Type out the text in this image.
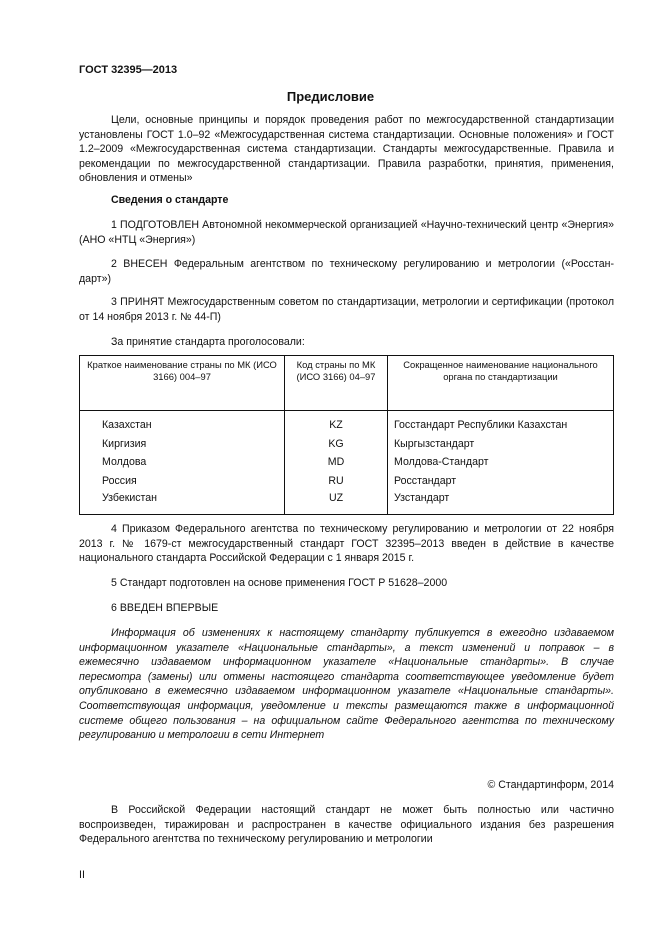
ГОСТ 32395—2013
Предисловие
Цели, основные принципы и порядок проведения работ по межгосударственной стандартизации установлены ГОСТ 1.0–92 «Межгосударственная система стандартизации. Основные положения» и ГОСТ 1.2–2009 «Межгосударственная система стандартизации. Стандарты межгосударственные. Правила и рекомендации по межгосударственной стандартизации. Правила разработки, принятия, применения, обновления и отмены»
Сведения о стандарте
1 ПОДГОТОВЛЕН Автономной некоммерческой организацией «Научно-технический центр «Энергия» (АНО «НТЦ «Энергия»)
2 ВНЕСЕН Федеральным агентством по техническому регулированию и метрологии («Росстан-дарт»)
3 ПРИНЯТ Межгосударственным советом по стандартизации, метрологии и сертификации (протокол от 14 ноября 2013 г. № 44-П)
За принятие стандарта проголосовали:
Краткое наименование страны по МК (ИСО 3166) 004–97	Код страны по МК (ИСО 3166) 04–97	Сокращенное наименование национального органа по стандартизации

Казахстан	KZ	Госстандарт Республики Казахстан
Киргизия	KG	Кыргызстандарт
Молдова	MD	Молдова-Стандарт
Россия	RU	Росстандарт
Узбекистан	UZ	Узстандарт
4 Приказом Федерального агентства по техническому регулированию и метрологии от 22 ноября 2013 г. № 1679-ст межгосударственный стандарт ГОСТ 32395–2013 введен в действие в качестве национального стандарта Российской Федерации с 1 января 2015 г.
5 Стандарт подготовлен на основе применения ГОСТ Р 51628–2000
6 ВВЕДЕН ВПЕРВЫЕ
Информация об изменениях к настоящему стандарту публикуется в ежегодно издаваемом информационном указателе «Национальные стандарты», а текст изменений и поправок – в ежемесячно издаваемом информационном указателе «Национальные стандарты». В случае пересмотра (замены) или отмены настоящего стандарта соответствующее уведомление будет опубликовано в ежемесячно издаваемом информационном указателе «Национальные стандарты». Соответствующая информация, уведомление и тексты размещаются также в информационной системе общего пользования – на официальном сайте Федерального агентства по техническому регулированию и метрологии в сети Интернет
© Стандартинформ, 2014
В Российской Федерации настоящий стандарт не может быть полностью или частично воспроизведен, тиражирован и распространен в качестве официального издания без разрешения Федерального агентства по техническому регулированию и метрологии
II
